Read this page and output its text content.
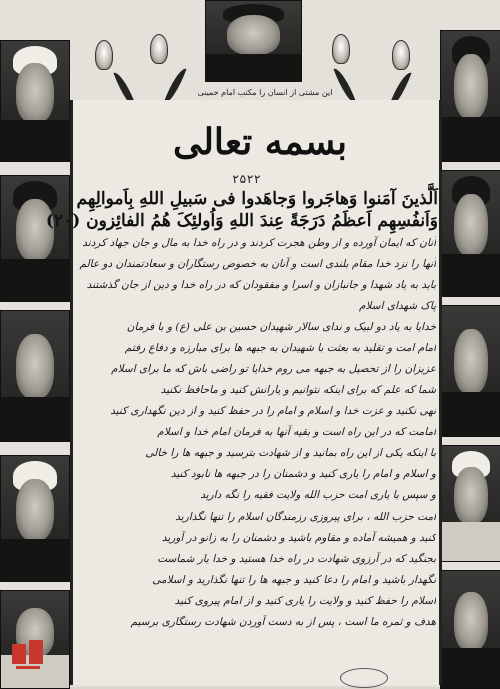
این مشتی از انسان را مکتب امام خمینی
بسمه تعالی
۲۵۲۲
اَلَّذینَ آمَنوا وَهاجَروا وَجاهَدوا فی سَبیلِ اللهِ بِاَموالِهِم
وَاَنفُسِهِم اَعظَمُ دَرَجَةً عِندَ اللهِ وَاُولئِکَ هُمُ الفائِزون (۲۰)
آنان که ایمان آورده و از وطن هجرت کردند و در راه خدا به مال و جان جهاد کردند
آنها را نزد خدا مقام بلندی است و آنان به خصوص رستگاران و سعادتمندان دو عالم
باید به یاد شهدا و جانبازان و اسرا و مفقودان که در راه خدا و دین از جان گذشتند
پاک شهدای اسلام
خدایا به یاد دو لبیک و ندای سالار شهیدان حسین بن علی (ع) و با فرمان
امام امت و تقلید به بعثت با شهیدان به جبهه ها برای مبارزه و دفاع رفتم
عزیزان را از تحصیل به جبهه می روم خدایا تو راضی باش که ما برای اسلام
شما که علم که برای اینکه نتوانیم و یارانش کنید و ماحافظ نکنید
نهی نکنید و عزت خدا و اسلام و امام را در حفظ کنید و از دین نگهداری کنید
امامت که در این راه است و بقیه آنها به فرمان امام خدا و اسلام
با اینکه یکی از این راه بمانید و از شهادت بترسید و جبهه ها را خالی
و اسلام و امام را یاری کنید و دشمنان را در جبهه ها نابود کنید
و سپس با یاری امت حزب الله ولایت فقیه را نگه دارید
امت حزب الله ، برای پیروزی رزمندگان اسلام را تنها نگذارید
کنید و همیشه آماده و مقاوم باشید و دشمنان را به زانو در آورید
بجنگید که در آرزوی شهادت در راه خدا هستید و خدا یار شماست
نگهدار باشید و امام را دعا کنید و جبهه ها را تنها نگذارید و اسلامی
اسلام را حفظ کنید و ولایت را یاری کنید و از امام پیروی کنید
هدف و ثمره ما است ، پس از به دست آوردن شهادت رستگاری برسیم
